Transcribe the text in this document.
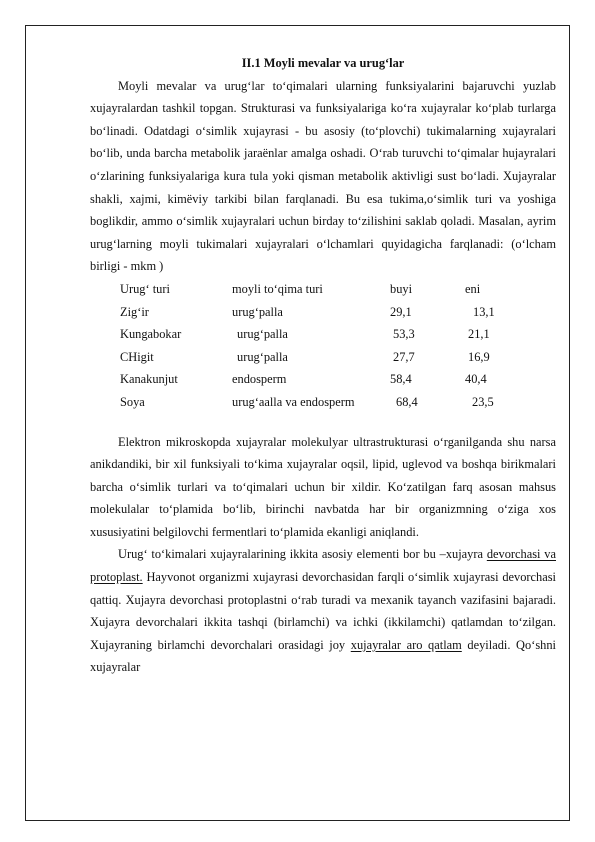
II.1 Moyli mevalar va urug‘lar

Moyli mevalar va urug‘lar to‘qimalari ularning funksiyalarini bajaruvchi yuzlab xujayralardan tashkil topgan. Strukturasi va funksiyalariga ko‘ra xujayralar ko‘plab turlarga bo‘linadi. Odatdagi o‘simlik xujayrasi - bu asosiy (to‘plovchi) tukimalarning xujayralari bo‘lib, unda barcha metabolik jaraënlar amalga oshadi. O‘rab turuvchi to‘qimalar hujayralari o‘zlarining funksiyalariga kura tula yoki qisman metabolik aktivligi sust bo‘ladi. Xujayralar shakli, xajmi, kimëviy tarkibi bilan farqlanadi. Bu esa tukima,o‘simlik turi va yoshiga boglikdir, ammo o‘simlik xujayralari uchun birday to‘zilishini saklab qoladi. Masalan, ayrim urug‘larning moyli tukimalari xujayralari o‘lchamlari quyidagicha farqlanadi: (o‘lcham birligi - mkm )

Urug‘ turi	moyli to‘qima turi	buyi	eni
Zig‘ir	urug‘palla	29,1	13,1
Kungabokar	urug‘palla	53,3	21,1
CHigit	urug‘palla	27,7	16,9
Kanakunjut	endosperm	58,4	40,4
Soya	urug‘aalla va endosperm	68,4	23,5

Elektron mikroskopda xujayralar molekulyar ultrastrukturasi o‘rganilganda shu narsa anikdandiki, bir xil funksiyali to‘kima xujayralar oqsil, lipid, uglevod va boshqa birikmalari barcha o‘simlik turlari va to‘qimalari uchun bir xildir. Ko‘zatilgan farq asosan mahsus molekulalar to‘plamida bo‘lib, birinchi navbatda har bir organizmning o‘ziga xos xususiyatini belgilovchi fermentlari to‘plamida ekanligi aniqlandi.

Urug‘ to‘kimalari xujayralarining ikkita asosiy elementi bor bu –xujayra devorchasi va protoplast. Hayvonot organizmi xujayrasi devorchasidan farqli o‘simlik xujayrasi devorchasi qattiq. Xujayra devorchasi protoplastni o‘rab turadi va mexanik tayanch vazifasini bajaradi. Xujayra devorchalari ikkita tashqi (birlamchi) va ichki (ikkilamchi) qatlamdan to‘zilgan. Xujayraning birlamchi devorchalari orasidagi joy xujayralar aro qatlam deyiladi. Qo‘shni xujayralar
